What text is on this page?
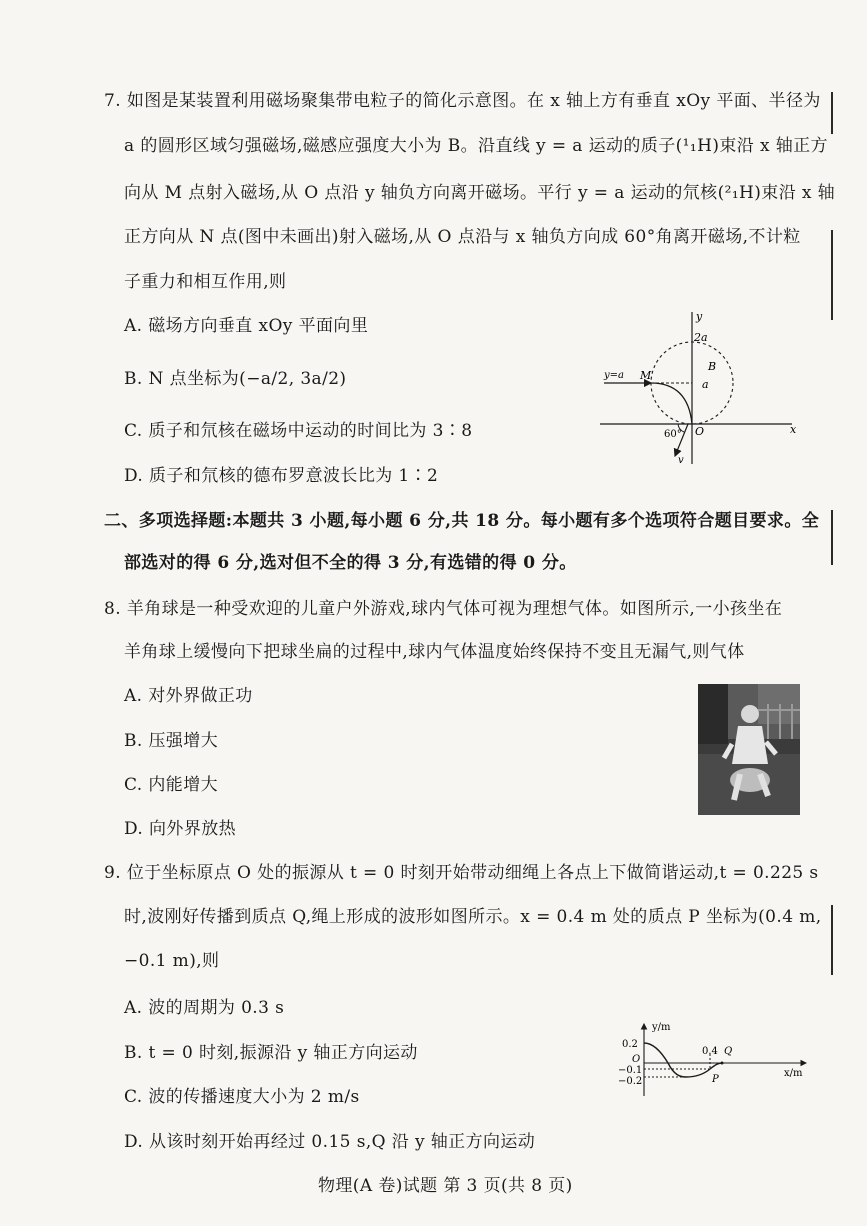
7. 如图是某装置利用磁场聚集带电粒子的简化示意图。在 x 轴上方有垂直 xOy 平面、半径为
a 的圆形区域匀强磁场,磁感应强度大小为 B。沿直线 y = a 运动的质子(¹₁H)束沿 x 轴正方
向从 M 点射入磁场,从 O 点沿 y 轴负方向离开磁场。平行 y = a 运动的氘核(²₁H)束沿 x 轴
正方向从 N 点(图中未画出)射入磁场,从 O 点沿与 x 轴负方向成 60°角离开磁场,不计粒
子重力和相互作用,则
A. 磁场方向垂直 xOy 平面向里
B. N 点坐标为(−a/2, 3a/2)
C. 质子和氘核在磁场中运动的时间比为 3∶8
D. 质子和氘核的德布罗意波长比为 1∶2
y
x
2a
B
a
y=a M
O
60°
v
二、多项选择题:本题共 3 小题,每小题 6 分,共 18 分。每小题有多个选项符合题目要求。全
部选对的得 6 分,选对但不全的得 3 分,有选错的得 0 分。
8. 羊角球是一种受欢迎的儿童户外游戏,球内气体可视为理想气体。如图所示,一小孩坐在
羊角球上缓慢向下把球坐扁的过程中,球内气体温度始终保持不变且无漏气,则气体
A. 对外界做正功
B. 压强增大
C. 内能增大
D. 向外界放热
9. 位于坐标原点 O 处的振源从 t = 0 时刻开始带动细绳上各点上下做简谐运动,t = 0.225 s
时,波刚好传播到质点 Q,绳上形成的波形如图所示。x = 0.4 m 处的质点 P 坐标为(0.4 m,
−0.1 m),则
A. 波的周期为 0.3 s
B. t = 0 时刻,振源沿 y 轴正方向运动
C. 波的传播速度大小为 2 m/s
D. 从该时刻开始再经过 0.15 s,Q 沿 y 轴正方向运动
y/m
x/m
0.2
O
−0.1
−0.2
0.4 Q
P
物理(A 卷)试题 第 3 页(共 8 页)
